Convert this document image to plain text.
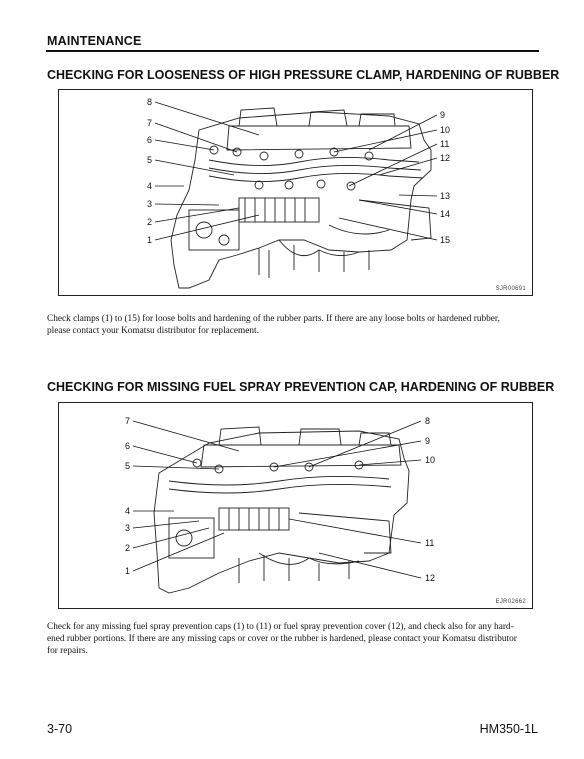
MAINTENANCE
CHECKING FOR LOOSENESS OF HIGH PRESSURE CLAMP, HARDENING OF RUBBER
8
7
6
5
4
3
2
1
9
10
11
12
13
14
15
SJR00691
Check clamps (1) to (15) for loose bolts and hardening of the rubber parts. If there are any loose bolts or hardened rubber,
please contact your Komatsu distributor for replacement.
CHECKING FOR MISSING FUEL SPRAY PREVENTION CAP, HARDENING OF RUBBER
7
6
5
4
3
2
1
8
9
10
11
12
EJR02662
Check for any missing fuel spray prevention caps (1) to (11) or fuel spray prevention cover (12), and check also for any hard-
ened rubber portions. If there are any missing caps or cover or the rubber is hardened, please contact your Komatsu distributor
for repairs.
3-70	HM350-1L
